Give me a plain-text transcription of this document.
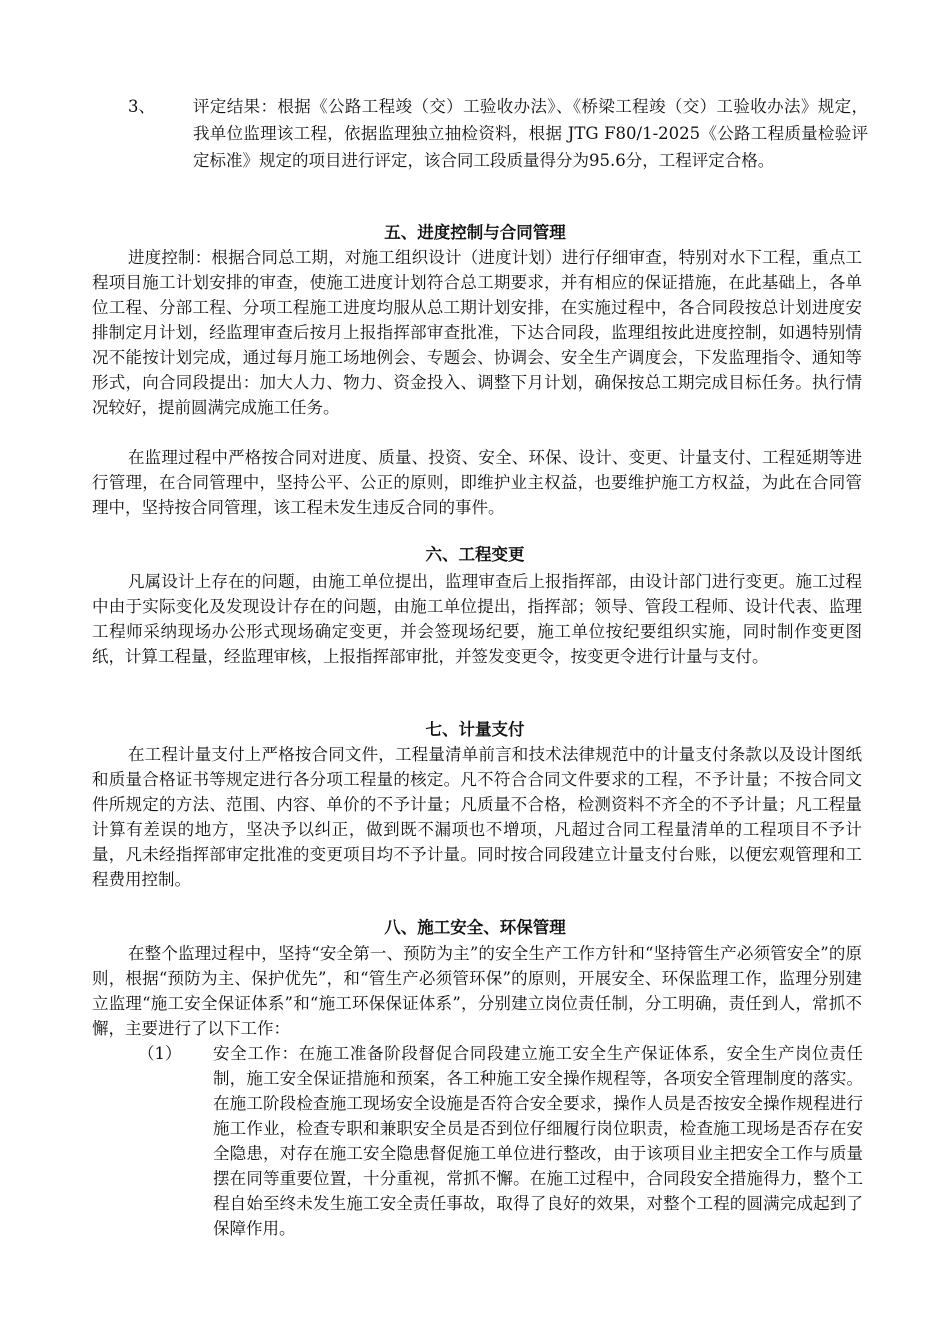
3、 评定结果：根据《公路工程竣（交）工验收办法》、《桥梁工程竣（交）工验收办法》规定，我单位监理该工程，依据监理独立抽检资料，根据 JTG F80/1-2025《公路工程质量检验评定标准》规定的项目进行评定，该合同工段质量得分为95.6分，工程评定合格。
五、进度控制与合同管理

进度控制：根据合同总工期，对施工组织设计（进度计划）进行仔细审查，特别对水下工程，重点工程项目施工计划安排的审查，使施工进度计划符合总工期要求，并有相应的保证措施，在此基础上，各单位工程、分部工程、分项工程施工进度均服从总工期计划安排，在实施过程中，各合同段按总计划进度安排制定月计划，经监理审查后按月上报指挥部审查批准，下达合同段，监理组按此进度控制，如遇特别情况不能按计划完成，通过每月施工场地例会、专题会、协调会、安全生产调度会，下发监理指令、通知等形式，向合同段提出：加大人力、物力、资金投入、调整下月计划，确保按总工期完成目标任务。执行情况较好，提前圆满完成施工任务。

在监理过程中严格按合同对进度、质量、投资、安全、环保、设计、变更、计量支付、工程延期等进行管理，在合同管理中，坚持公平、公正的原则，即维护业主权益，也要维护施工方权益，为此在合同管理中，坚持按合同管理，该工程未发生违反合同的事件。

六、工程变更

凡属设计上存在的问题，由施工单位提出，监理审查后上报指挥部，由设计部门进行变更。施工过程中由于实际变化及发现设计存在的问题，由施工单位提出，指挥部；领导、管段工程师、设计代表、监理工程师采纳现场办公形式现场确定变更，并会签现场纪要，施工单位按纪要组织实施，同时制作变更图纸，计算工程量，经监理审核，上报指挥部审批，并签发变更令，按变更令进行计量与支付。

七、计量支付

在工程计量支付上严格按合同文件，工程量清单前言和技术法律规范中的计量支付条款以及设计图纸和质量合格证书等规定进行各分项工程量的核定。凡不符合合同文件要求的工程，不予计量；不按合同文件所规定的方法、范围、内容、单价的不予计量；凡质量不合格，检测资料不齐全的不予计量；凡工程量计算有差误的地方，坚决予以纠正，做到既不漏项也不增项，凡超过合同工程量清单的工程项目不予计量，凡未经指挥部审定批准的变更项目均不予计量。同时按合同段建立计量支付台账，以便宏观管理和工程费用控制。

八、施工安全、环保管理

在整个监理过程中，坚持“安全第一、预防为主”的安全生产工作方针和“坚持管生产必须管安全”的原则，根据“预防为主、保护优先”，和“管生产必须管环保”的原则，开展安全、环保监理工作，监理分别建立监理“施工安全保证体系”和“施工环保保证体系”，分别建立岗位责任制，分工明确，责任到人，常抓不懈，主要进行了以下工作：

（1） 安全工作：在施工准备阶段督促合同段建立施工安全生产保证体系，安全生产岗位责任制，施工安全保证措施和预案，各工种施工安全操作规程等，各项安全管理制度的落实。在施工阶段检查施工现场安全设施是否符合安全要求，操作人员是否按安全操作规程进行施工作业，检查专职和兼职安全员是否到位仔细履行岗位职责，检查施工现场是否存在安全隐患，对存在施工安全隐患督促施工单位进行整改，由于该项目业主把安全工作与质量摆在同等重要位置，十分重视，常抓不懈。在施工过程中，合同段安全措施得力，整个工程自始至终未发生施工安全责任事故，取得了良好的效果，对整个工程的圆满完成起到了保障作用。
